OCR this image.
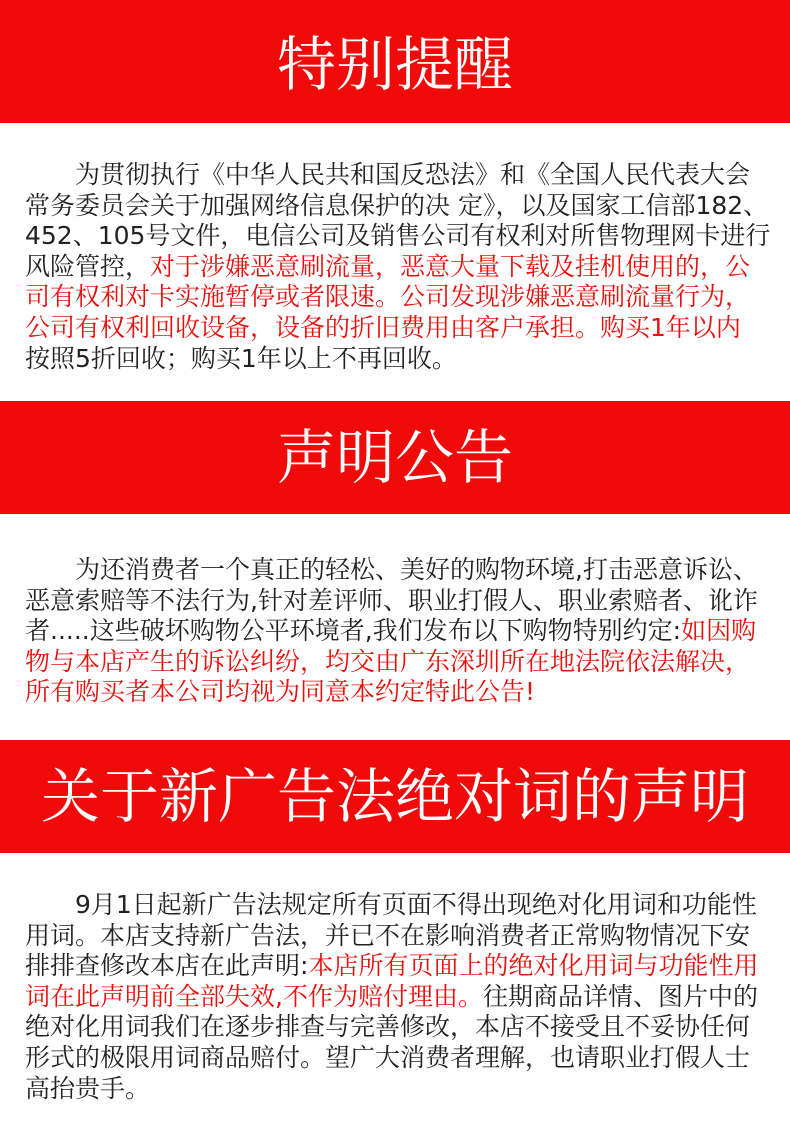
特别提醒
为贯彻执行《中华人民共和国反恐法》和《全国人民代表大会
常务委员会关于加强网络信息保护的决 定》，以及国家工信部182、
452、105号文件，电信公司及销售公司有权利对所售物理网卡进行
风险管控，对于涉嫌恶意刷流量，恶意大量下载及挂机使用的，公
司有权利对卡实施暂停或者限速。公司发现涉嫌恶意刷流量行为，
公司有权利回收设备，设备的折旧费用由客户承担。购买1年以内
按照5折回收；购买1年以上不再回收。
声明公告
为还消费者一个真正的轻松、美好的购物环境,打击恶意诉讼、
恶意索赔等不法行为,针对差评师、职业打假人、职业索赔者、讹诈
者.....这些破坏购物公平环境者,我们发布以下购物特别约定:如因购
物与本店产生的诉讼纠纷，均交由广东深圳所在地法院依法解决，
所有购买者本公司均视为同意本约定特此公告!
关于新广告法绝对词的声明
9月1日起新广告法规定所有页面不得出现绝对化用词和功能性
用词。本店支持新广告法，并已不在影响消费者正常购物情况下安
排排查修改本店在此声明:本店所有页面上的绝对化用词与功能性用
词在此声明前全部失效,不作为赔付理由。往期商品详情、图片中的
绝对化用词我们在逐步排查与完善修改，本店不接受且不妥协任何
形式的极限用词商品赔付。望广大消费者理解，也请职业打假人士
高抬贵手。
